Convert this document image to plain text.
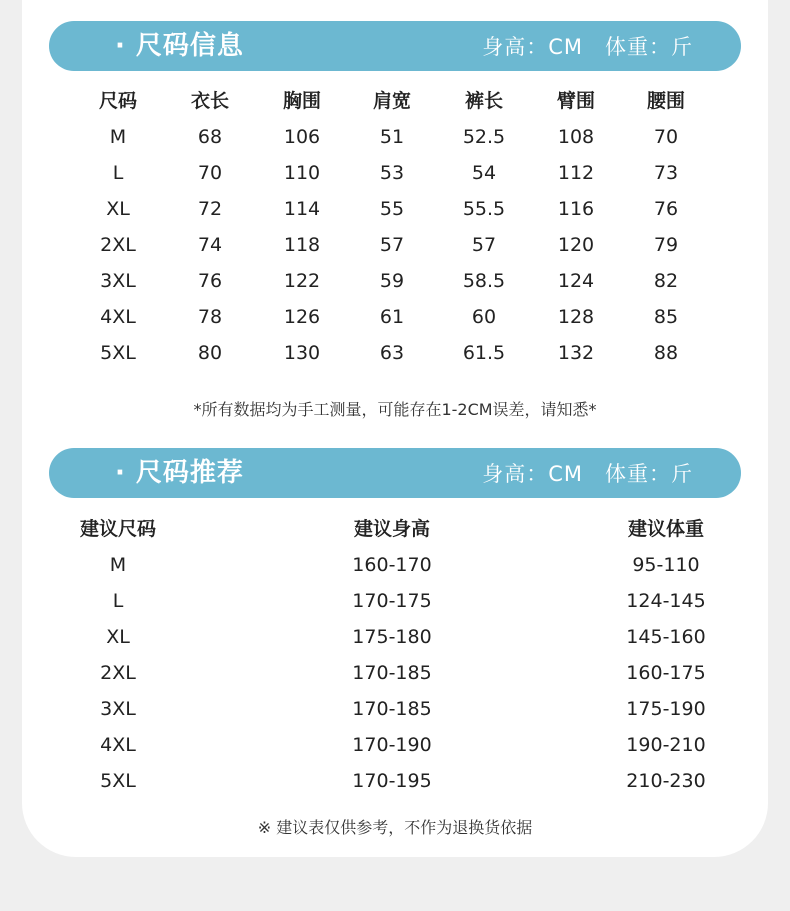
· 尺码信息	身高：CM 体重：斤
尺码	衣长	胸围	肩宽	裤长	臂围	腰围
M	68	106	51	52.5	108	70
L	70	110	53	54	112	73
XL	72	114	55	55.5	116	76
2XL	74	118	57	57	120	79
3XL	76	122	59	58.5	124	82
4XL	78	126	61	60	128	85
5XL	80	130	63	61.5	132	88
*所有数据均为手工测量，可能存在1-2CM误差，请知悉*
· 尺码推荐	身高：CM 体重：斤
建议尺码	建议身高	建议体重
M	160-170	95-110
L	170-175	124-145
XL	175-180	145-160
2XL	170-185	160-175
3XL	170-185	175-190
4XL	170-190	190-210
5XL	170-195	210-230
※ 建议表仅供参考，不作为退换货依据
